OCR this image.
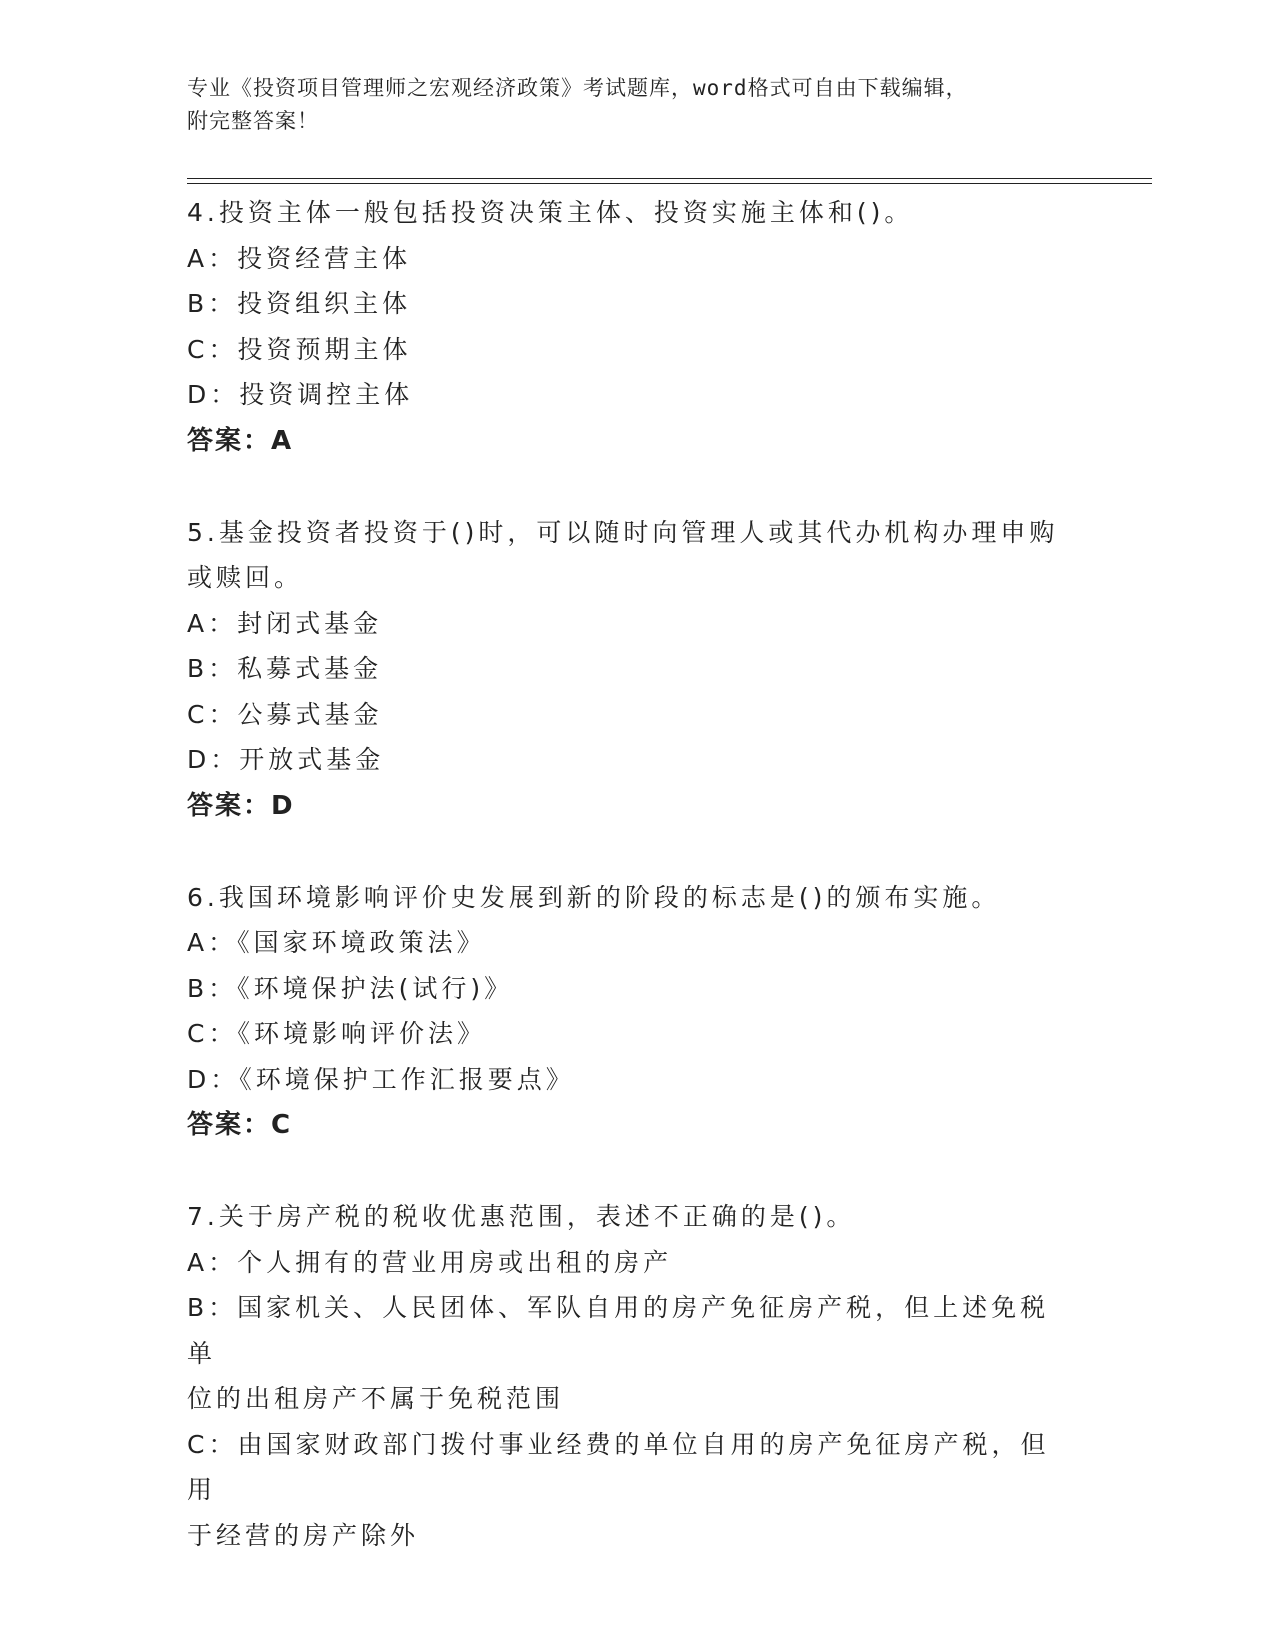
专业《投资项目管理师之宏观经济政策》考试题库，word格式可自由下载编辑，
附完整答案！
4.投资主体一般包括投资决策主体、投资实施主体和()。
A：投资经营主体
B：投资组织主体
C：投资预期主体
D：投资调控主体
答案：A
5.基金投资者投资于()时，可以随时向管理人或其代办机构办理申购
或赎回。
A：封闭式基金
B：私募式基金
C：公募式基金
D：开放式基金
答案：D
6.我国环境影响评价史发展到新的阶段的标志是()的颁布实施。
A：《国家环境政策法》
B：《环境保护法(试行)》
C：《环境影响评价法》
D：《环境保护工作汇报要点》
答案：C
7.关于房产税的税收优惠范围，表述不正确的是()。
A：个人拥有的营业用房或出租的房产
B：国家机关、人民团体、军队自用的房产免征房产税，但上述免税单
位的出租房产不属于免税范围
C：由国家财政部门拨付事业经费的单位自用的房产免征房产税，但用
于经营的房产除外
